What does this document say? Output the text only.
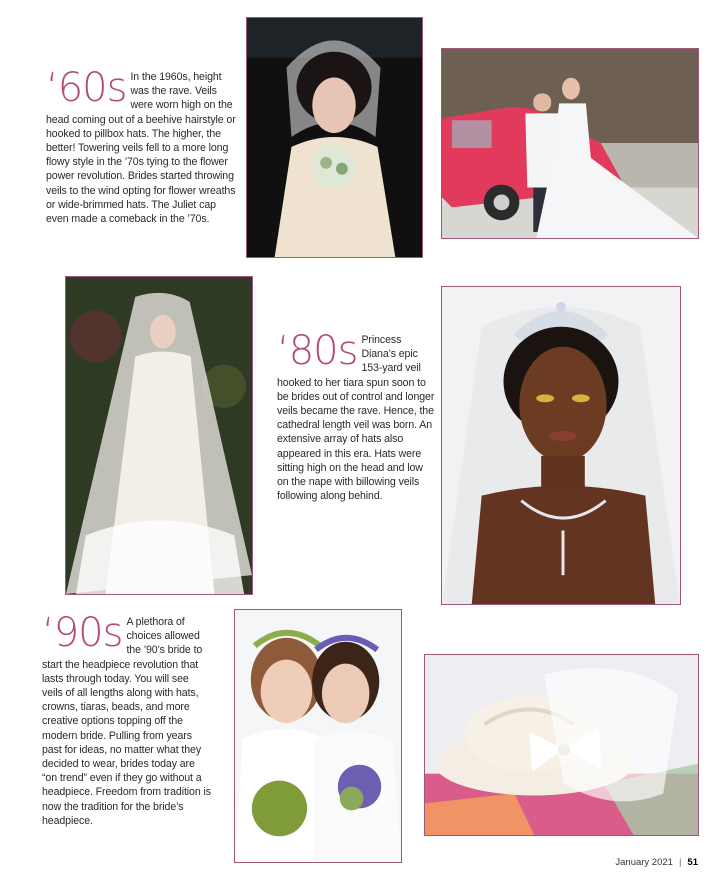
‘60s In the 1960s, height was the rave. Veils were worn high on the head coming out of a beehive hairstyle or hooked to pillbox hats. The higher, the better! Towering veils fell to a more long flowy style in the ’70s tying to the flower power revolution. Brides started throwing veils to the wind opting for flower wreaths or wide-brimmed hats. The Juliet cap even made a comeback in the ’70s.
‘80s Princess Diana’s epic 153-yard veil hooked to her tiara spun soon to be brides out of control and longer veils became the rave. Hence, the cathedral length veil was born. An extensive array of hats also appeared in this era. Hats were sitting high on the head and low on the nape with billowing veils following along behind.
‘90s A plethora of choices allowed the ’90’s bride to start the headpiece revolution that lasts through today. You will see veils of all lengths along with hats, crowns, tiaras, beads, and more creative options topping off the modern bride. Pulling from years past for ideas, no matter what they decided to wear, brides today are “on trend” even if they go without a headpiece. Freedom from tradition is now the tradition for the bride’s headpiece.
January 2021 | 51
